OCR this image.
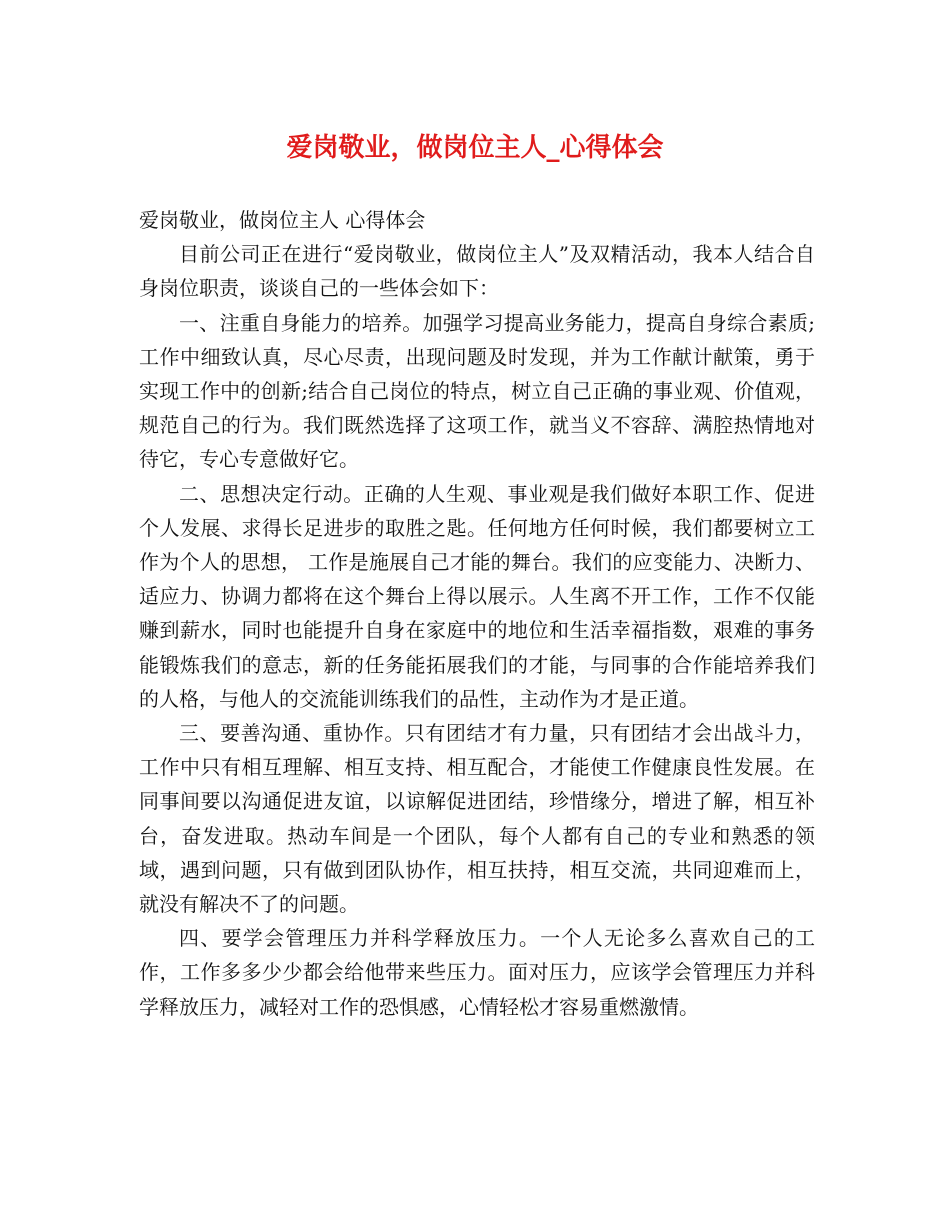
爱岗敬业，做岗位主人_心得体会

爱岗敬业，做岗位主人 心得体会

目前公司正在进行“爱岗敬业，做岗位主人”及双精活动，我本人结合自身岗位职责，谈谈自己的一些体会如下：

一、注重自身能力的培养。加强学习提高业务能力，提高自身综合素质;工作中细致认真，尽心尽责，出现问题及时发现，并为工作献计献策，勇于实现工作中的创新;结合自己岗位的特点，树立自己正确的事业观、价值观，规范自己的行为。我们既然选择了这项工作，就当义不容辞、满腔热情地对待它，专心专意做好它。

二、思想决定行动。正确的人生观、事业观是我们做好本职工作、促进个人发展、求得长足进步的取胜之匙。任何地方任何时候，我们都要树立工作为个人的思想， 工作是施展自己才能的舞台。我们的应变能力、决断力、适应力、协调力都将在这个舞台上得以展示。人生离不开工作，工作不仅能赚到薪水，同时也能提升自身在家庭中的地位和生活幸福指数，艰难的事务能锻炼我们的意志，新的任务能拓展我们的才能，与同事的合作能培养我们的人格，与他人的交流能训练我们的品性，主动作为才是正道。

三、要善沟通、重协作。只有团结才有力量，只有团结才会出战斗力，工作中只有相互理解、相互支持、相互配合，才能使工作健康良性发展。在同事间要以沟通促进友谊，以谅解促进团结，珍惜缘分，增进了解，相互补台，奋发进取。热动车间是一个团队，每个人都有自己的专业和熟悉的领域，遇到问题，只有做到团队协作，相互扶持，相互交流，共同迎难而上，就没有解决不了的问题。

四、要学会管理压力并科学释放压力。一个人无论多么喜欢自己的工作，工作多多少少都会给他带来些压力。面对压力，应该学会管理压力并科学释放压力，减轻对工作的恐惧感，心情轻松才容易重燃激情。
